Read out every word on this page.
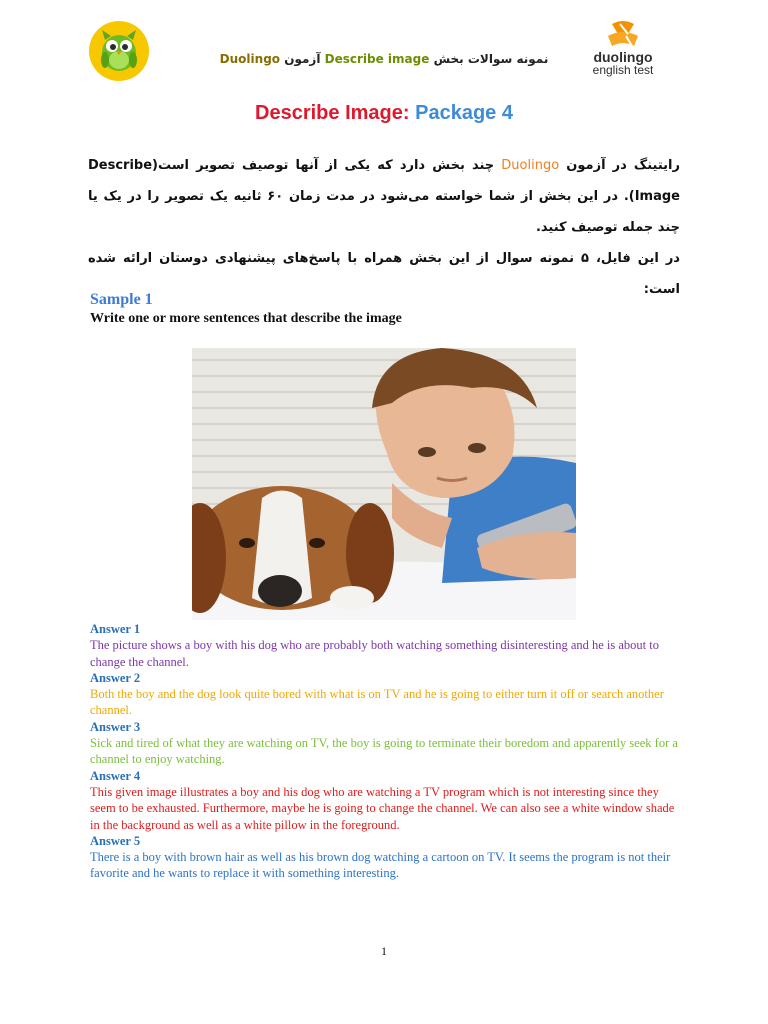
نمونه سوالات بخش Describe image آزمون Duolingo	duolingo
english test
Describe Image: Package 4

رایتینگ در آزمون Duolingo چند بخش دارد که یکی از آنها توصیف تصویر است(Describe Image). در این بخش از شما خواسته می‌شود در مدت زمان ۶۰ ثانیه یک تصویر را در یک یا چند جمله توصیف کنید.

در این فایل، ۵ نمونه سوال از این بخش همراه با پاسخ‌های پیشنهادی دوستان ارائه شده است:

Sample 1
Write one or more sentences that describe the image
Answer 1
The picture shows a boy with his dog who are probably both watching something disinteresting and he is about to change the channel.
Answer 2
Both the boy and the dog look quite bored with what is on TV and he is going to either turn it off or search another channel.
Answer 3
Sick and tired of what they are watching on TV, the boy is going to terminate their boredom and apparently seek for a channel to enjoy watching.
Answer 4
This given image illustrates a boy and his dog who are watching a TV program which is not interesting since they seem to be exhausted. Furthermore, maybe he is going to change the channel. We can also see a white window shade in the background as well as a white pillow in the foreground.
Answer 5
There is a boy with brown hair as well as his brown dog watching a cartoon on TV. It seems the program is not their favorite and he wants to replace it with something interesting.
1
